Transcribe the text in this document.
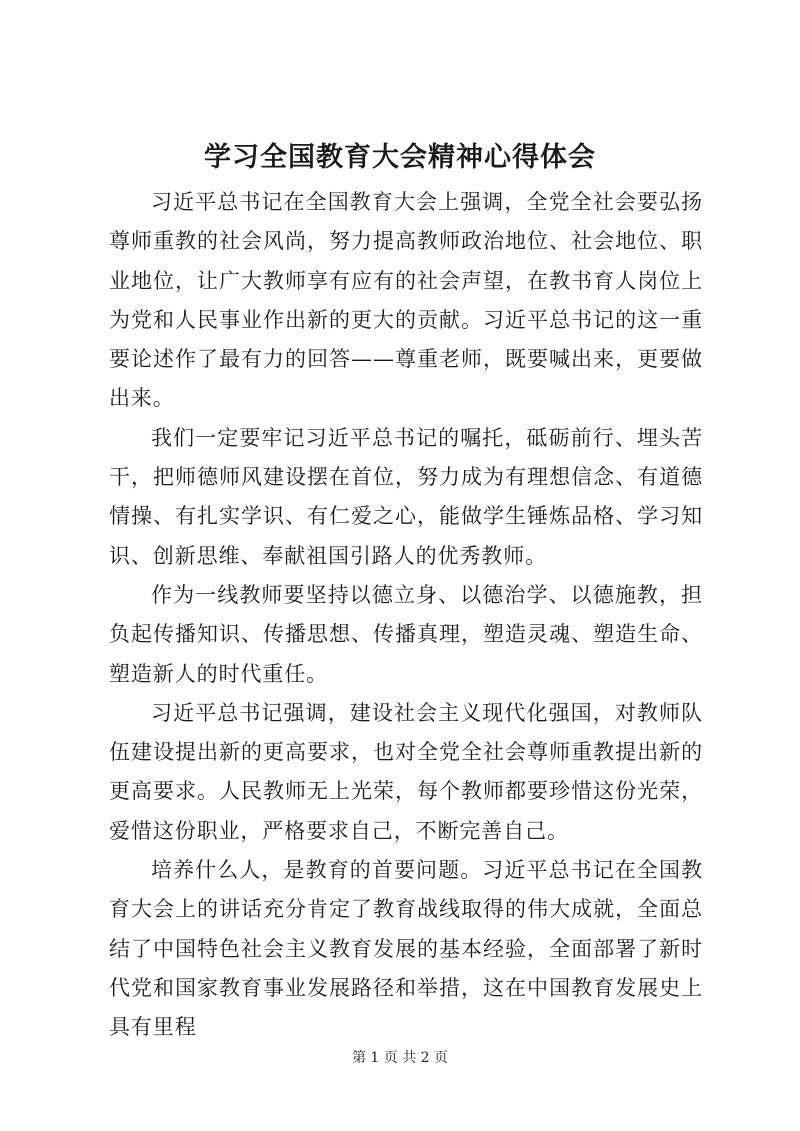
学习全国教育大会精神心得体会

习近平总书记在全国教育大会上强调，全党全社会要弘扬尊师重教的社会风尚，努力提高教师政治地位、社会地位、职业地位，让广大教师享有应有的社会声望，在教书育人岗位上为党和人民事业作出新的更大的贡献。习近平总书记的这一重要论述作了最有力的回答——尊重老师，既要喊出来，更要做出来。

我们一定要牢记习近平总书记的嘱托，砥砺前行、埋头苦干，把师德师风建设摆在首位，努力成为有理想信念、有道德情操、有扎实学识、有仁爱之心，能做学生锤炼品格、学习知识、创新思维、奉献祖国引路人的优秀教师。

作为一线教师要坚持以德立身、以德治学、以德施教，担负起传播知识、传播思想、传播真理，塑造灵魂、塑造生命、塑造新人的时代重任。

习近平总书记强调，建设社会主义现代化强国，对教师队伍建设提出新的更高要求，也对全党全社会尊师重教提出新的更高要求。人民教师无上光荣，每个教师都要珍惜这份光荣，爱惜这份职业，严格要求自己，不断完善自己。

培养什么人，是教育的首要问题。习近平总书记在全国教育大会上的讲话充分肯定了教育战线取得的伟大成就，全面总结了中国特色社会主义教育发展的基本经验，全面部署了新时代党和国家教育事业发展路径和举措，这在中国教育发展史上具有里程

第 1 页 共 2 页
